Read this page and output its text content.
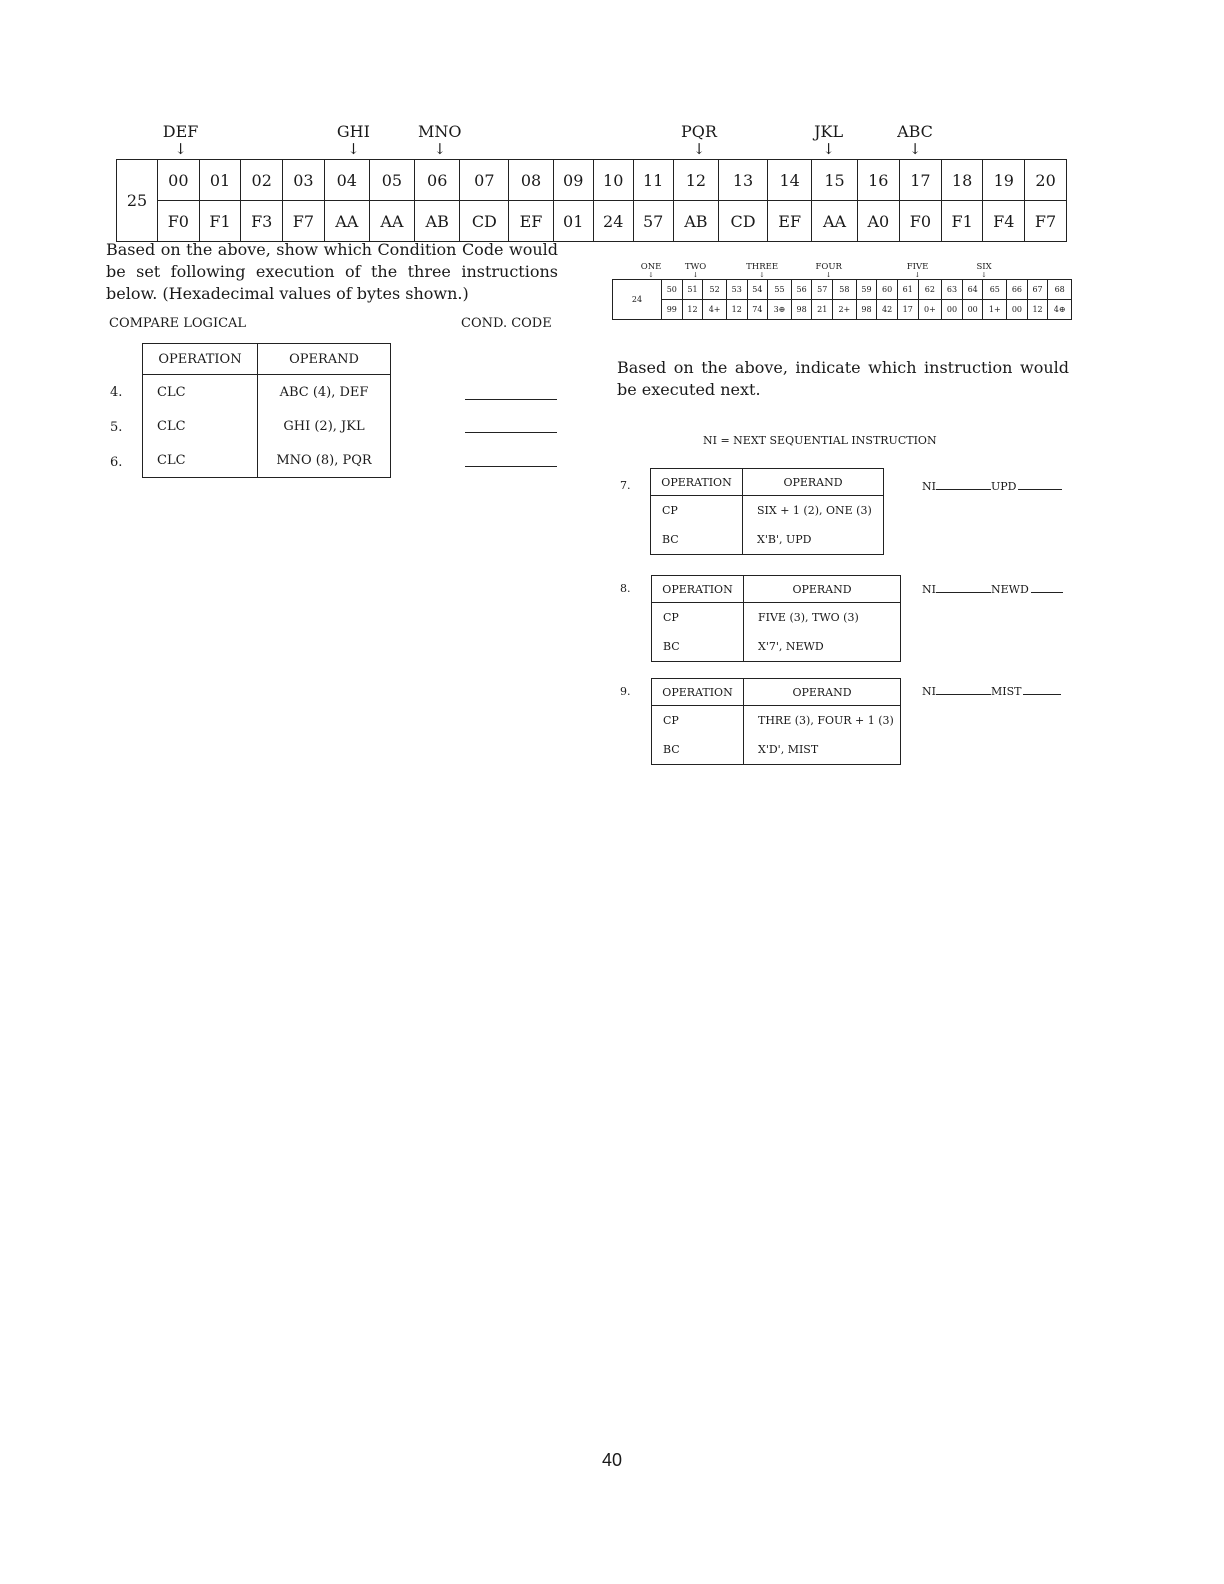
DEF
↓
GHI
↓
MNO
↓
PQR
↓
JKL
↓
ABC
↓
25	00	01	02	03	04	05	06	07	08	09	10	11	12	13	14	15	16	17	18	19	20
	F0	F1	F3	F7	AA	AA	AB	CD	EF	01	24	57	AB	CD	EF	AA	A0	F0	F1	F4	F7
Based on the above, show which Condition Code would
be set following execution of the three instructions
below. (Hexadecimal values of bytes shown.)
COMPARE LOGICAL	COND. CODE
OPERATION	OPERAND
CLC	ABC (4), DEF
CLC	GHI (2), JKL
CLC	MNO (8), PQR
4.
5.
6.
ONE
↓
TWO
↓
THREE
↓
FOUR
↓
FIVE
↓
SIX
↓
24	50	51	52	53	54	55	56	57	58	59	60	61	62	63	64	65	66	67	68
	99	12	4+	12	74	3⊕	98	21	2+	98	42	17	0+	00	00	1+	00	12	4⊕
Based on the above, indicate which instruction would
be executed next.
NI = NEXT SEQUENTIAL INSTRUCTION
7.	OPERATION	OPERAND
CP	SIX + 1 (2), ONE (3)
BC	X'B', UPD
NI	UPD
8.	OPERATION	OPERAND
CP	FIVE (3), TWO (3)
BC	X'7', NEWD
NI	NEWD
9.	OPERATION	OPERAND
CP	THRE (3), FOUR + 1 (3)
BC	X'D', MIST
NI	MIST
40
